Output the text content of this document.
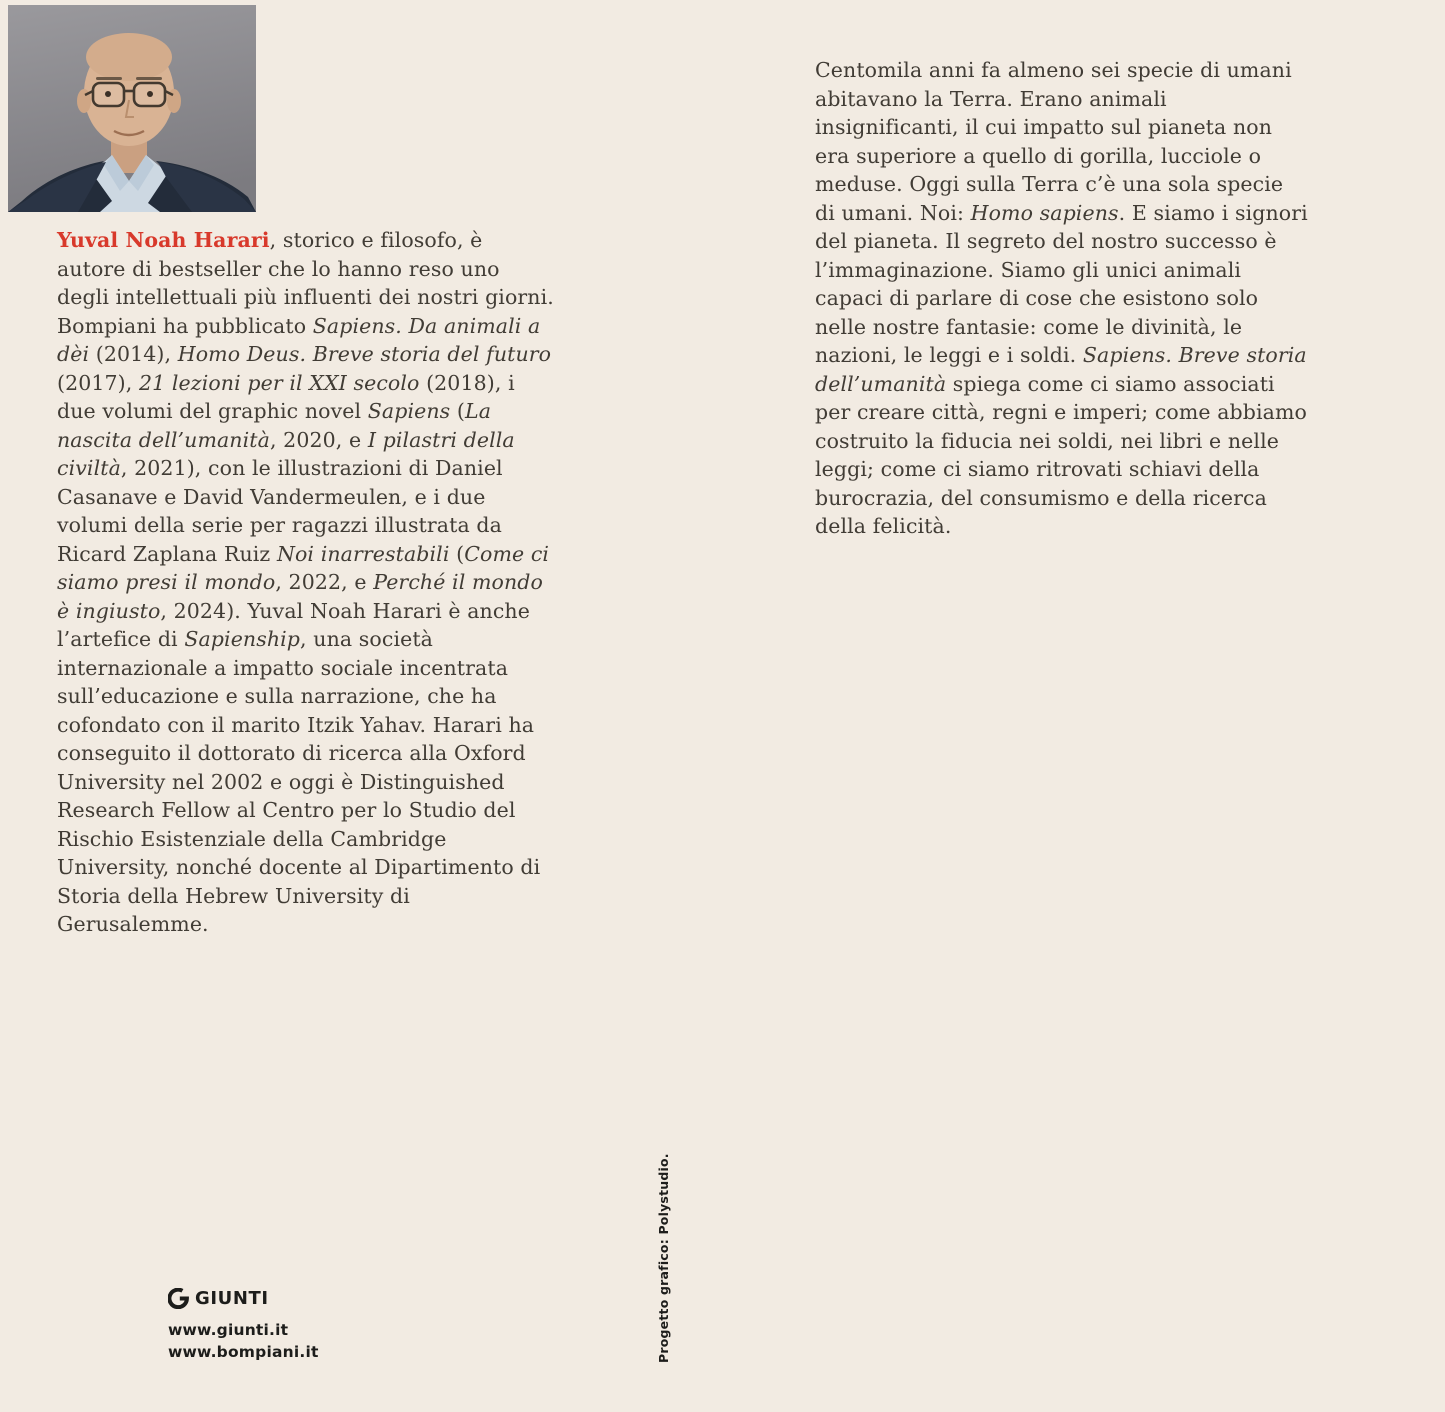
Yuval Noah Harari, storico e filosofo, è autore di bestseller che lo hanno reso uno degli intellettuali più influenti dei nostri giorni. Bompiani ha pubblicato Sapiens. Da animali a dèi (2014), Homo Deus. Breve storia del futuro (2017), 21 lezioni per il XXI secolo (2018), i due volumi del graphic novel Sapiens (La nascita dell’umanità, 2020, e I pilastri della civiltà, 2021), con le illustrazioni di Daniel Casanave e David Vandermeulen, e i due volumi della serie per ragazzi illustrata da Ricard Zaplana Ruiz Noi inarrestabili (Come ci siamo presi il mondo, 2022, e Perché il mondo è ingiusto, 2024). Yuval Noah Harari è anche l’artefice di Sapienship, una società internazionale a impatto sociale incentrata sull’educazione e sulla narrazione, che ha cofondato con il marito Itzik Yahav. Harari ha conseguito il dottorato di ricerca alla Oxford University nel 2002 e oggi è Distinguished Research Fellow al Centro per lo Studio del Rischio Esistenziale della Cambridge University, nonché docente al Dipartimento di Storia della Hebrew University di Gerusalemme.
Centomila anni fa almeno sei specie di umani abitavano la Terra. Erano animali insignificanti, il cui impatto sul pianeta non era superiore a quello di gorilla, lucciole o meduse. Oggi sulla Terra c’è una sola specie di umani. Noi: Homo sapiens. E siamo i signori del pianeta. Il segreto del nostro successo è l’immaginazione. Siamo gli unici animali capaci di parlare di cose che esistono solo nelle nostre fantasie: come le divinità, le nazioni, le leggi e i soldi. Sapiens. Breve storia dell’umanità spiega come ci siamo associati per creare città, regni e imperi; come abbiamo costruito la fiducia nei soldi, nei libri e nelle leggi; come ci siamo ritrovati schiavi della burocrazia, del consumismo e della ricerca della felicità.
Progetto grafico: Polystudio.
GIUNTI
www.giunti.it
www.bompiani.it
